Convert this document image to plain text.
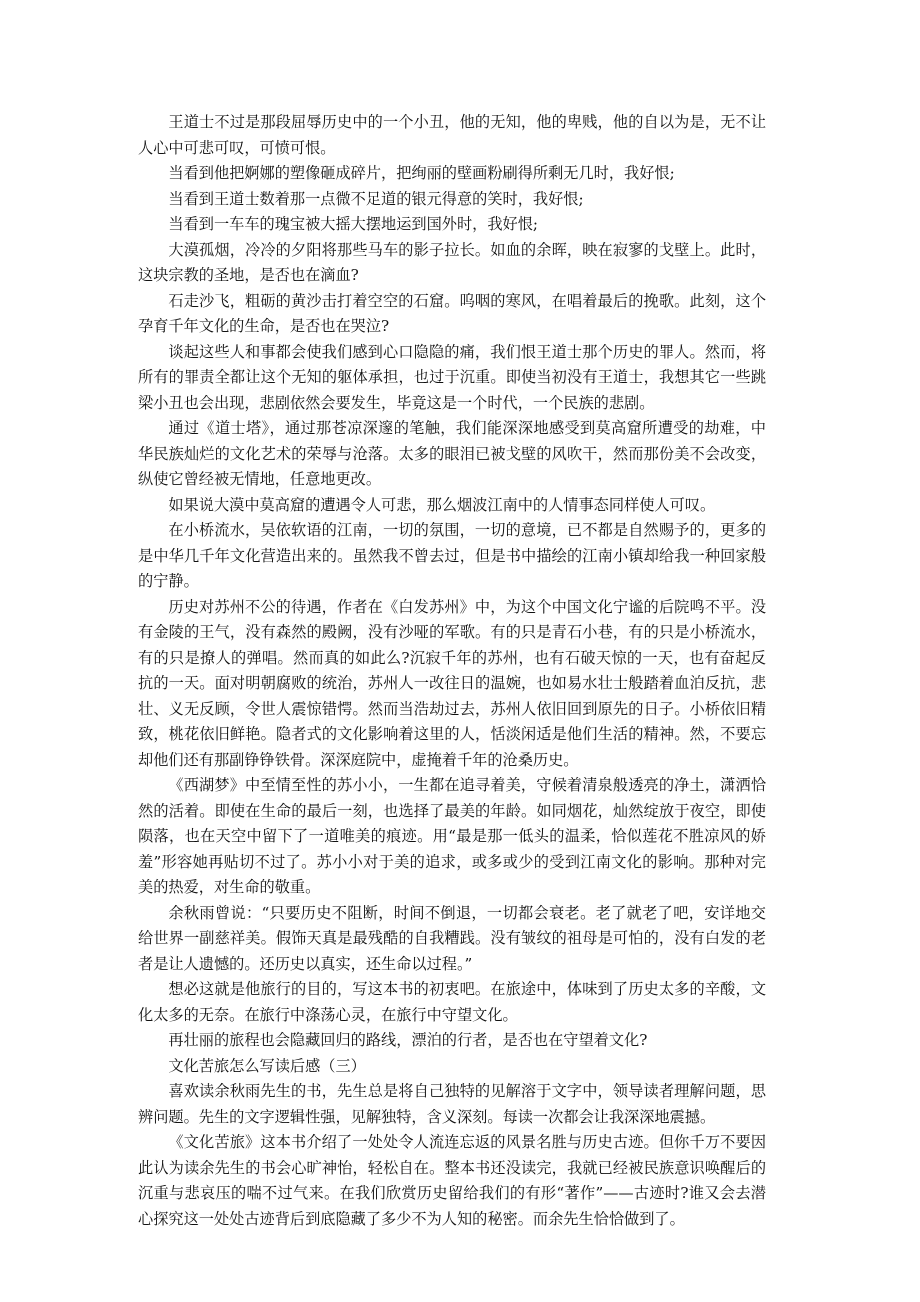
王道士不过是那段屈辱历史中的一个小丑，他的无知，他的卑贱，他的自以为是，无不让人心中可悲可叹，可愤可恨。

当看到他把婀娜的塑像砸成碎片，把绚丽的壁画粉刷得所剩无几时，我好恨;

当看到王道士数着那一点微不足道的银元得意的笑时，我好恨;

当看到一车车的瑰宝被大摇大摆地运到国外时，我好恨;

大漠孤烟，冷冷的夕阳将那些马车的影子拉长。如血的余晖，映在寂寥的戈壁上。此时，这块宗教的圣地，是否也在滴血?

石走沙飞，粗砺的黄沙击打着空空的石窟。呜咽的寒风，在唱着最后的挽歌。此刻，这个孕育千年文化的生命，是否也在哭泣?

谈起这些人和事都会使我们感到心口隐隐的痛，我们恨王道士那个历史的罪人。然而，将所有的罪责全都让这个无知的躯体承担，也过于沉重。即使当初没有王道士，我想其它一些跳梁小丑也会出现，悲剧依然会要发生，毕竟这是一个时代，一个民族的悲剧。

通过《道士塔》，通过那苍凉深邃的笔触，我们能深深地感受到莫高窟所遭受的劫难，中华民族灿烂的文化艺术的荣辱与沧落。太多的眼泪已被戈壁的风吹干，然而那份美不会改变，纵使它曾经被无情地，任意地更改。

如果说大漠中莫高窟的遭遇令人可悲，那么烟波江南中的人情事态同样使人可叹。

在小桥流水，吴依软语的江南，一切的氛围，一切的意境，已不都是自然赐予的，更多的是中华几千年文化营造出来的。虽然我不曾去过，但是书中描绘的江南小镇却给我一种回家般的宁静。

历史对苏州不公的待遇，作者在《白发苏州》中，为这个中国文化宁谧的后院鸣不平。没有金陵的王气，没有森然的殿阙，没有沙哑的军歌。有的只是青石小巷，有的只是小桥流水，有的只是撩人的弹唱。然而真的如此么?沉寂千年的苏州，也有石破天惊的一天，也有奋起反抗的一天。面对明朝腐败的统治，苏州人一改往日的温婉，也如易水壮士般踏着血泊反抗，悲壮、义无反顾，令世人震惊错愕。然而当浩劫过去，苏州人依旧回到原先的日子。小桥依旧精致，桃花依旧鲜艳。隐者式的文化影响着这里的人，恬淡闲适是他们生活的精神。然，不要忘却他们还有那副铮铮铁骨。深深庭院中，虚掩着千年的沧桑历史。

《西湖梦》中至情至性的苏小小，一生都在追寻着美，守候着清泉般透亮的净土，潇洒恰然的活着。即使在生命的最后一刻，也选择了最美的年龄。如同烟花，灿然绽放于夜空，即使陨落，也在天空中留下了一道唯美的痕迹。用“最是那一低头的温柔，恰似莲花不胜凉风的娇羞”形容她再贴切不过了。苏小小对于美的追求，或多或少的受到江南文化的影响。那种对完美的热爱，对生命的敬重。

余秋雨曾说：“只要历史不阻断，时间不倒退，一切都会衰老。老了就老了吧，安详地交给世界一副慈祥美。假饰天真是最残酷的自我糟践。没有皱纹的祖母是可怕的，没有白发的老者是让人遗憾的。还历史以真实，还生命以过程。”

想必这就是他旅行的目的，写这本书的初衷吧。在旅途中，体味到了历史太多的辛酸，文化太多的无奈。在旅行中涤荡心灵，在旅行中守望文化。

再壮丽的旅程也会隐藏回归的路线，漂泊的行者，是否也在守望着文化?

文化苦旅怎么写读后感（三）

喜欢读余秋雨先生的书，先生总是将自己独特的见解溶于文字中，领导读者理解问题，思辨问题。先生的文字逻辑性强，见解独特，含义深刻。每读一次都会让我深深地震撼。

《文化苦旅》这本书介绍了一处处令人流连忘返的风景名胜与历史古迹。但你千万不要因此认为读余先生的书会心旷神怡，轻松自在。整本书还没读完，我就已经被民族意识唤醒后的沉重与悲哀压的喘不过气来。在我们欣赏历史留给我们的有形“著作”——古迹时?谁又会去潜心探究这一处处古迹背后到底隐藏了多少不为人知的秘密。而余先生恰恰做到了。
